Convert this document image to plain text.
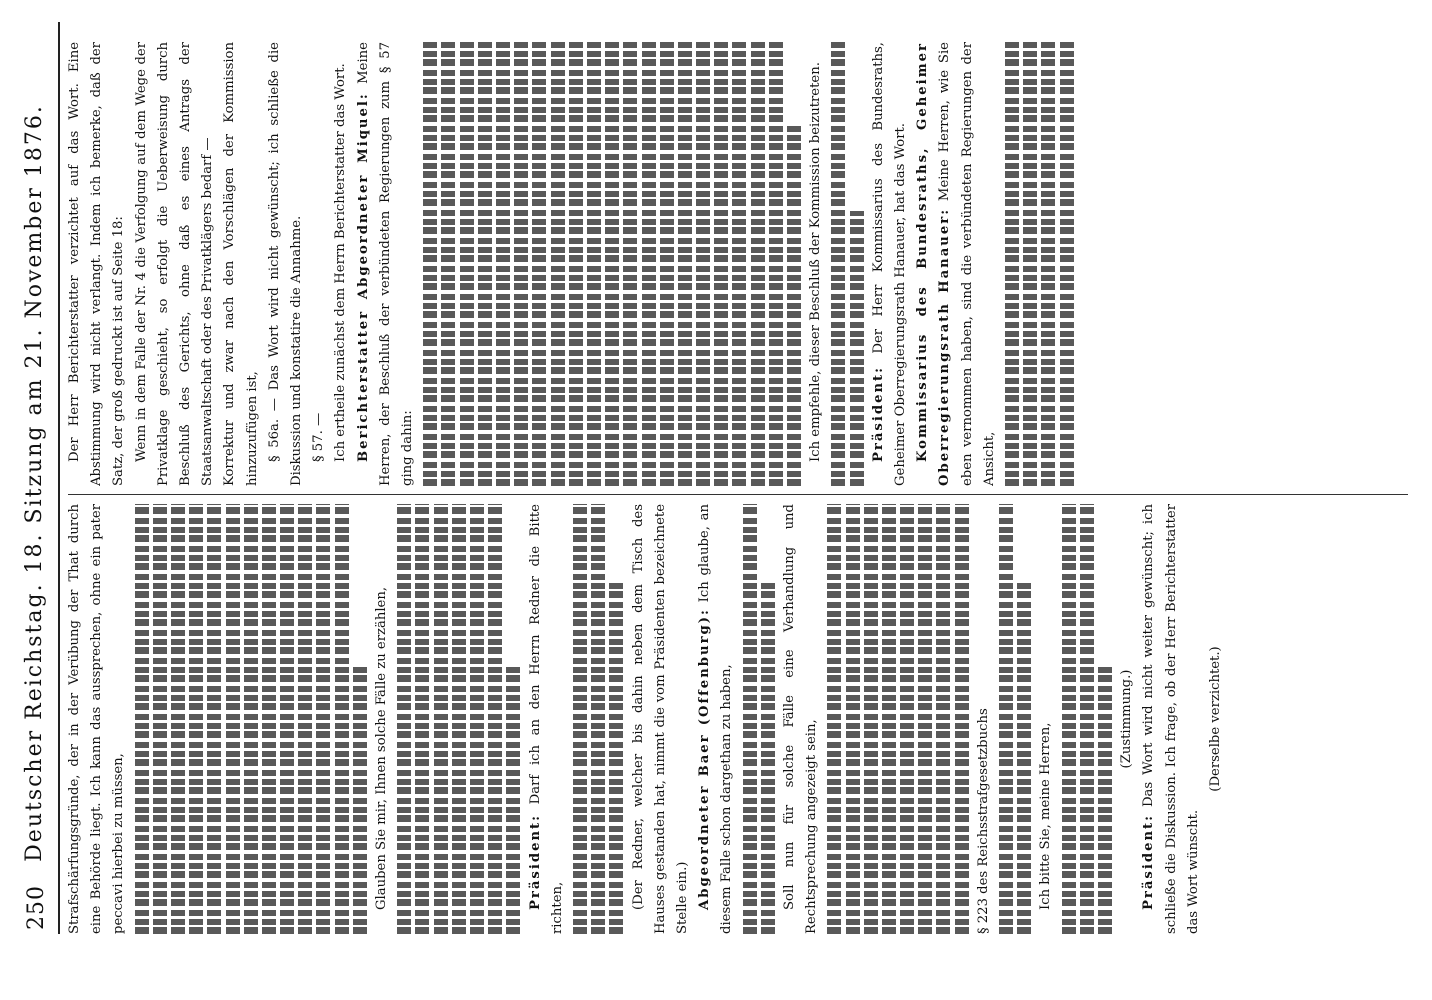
250
Deutscher Reichstag. 18. Sitzung am 21. November 1876. Strafschärfungsgründe, der in der Verübung der That durch eine Behörde liegt. Ich kann das aussprechen, ohne ein pater peccavi hierbei zu müssen,	Glauben Sie mir, Ihnen solche Fälle zu erzählen,	Präsident: Darf ich an den Herrn Redner die Bitte richten,	(Der Redner, welcher bis dahin neben dem Tisch des Hauses gestanden hat, nimmt die vom Präsidenten bezeichnete Stelle ein.) Abgeordneter Baer (Offenburg): Ich glaube, an diesem Falle schon dargethan zu haben,	Soll nun für solche Fälle eine Verhandlung und Rechtsprechung angezeigt sein,	§ 223 des Reichsstrafgesetzbuchs	Ich bitte Sie, meine Herren,

(Zustimmung.)

Präsident: Das Wort wird nicht weiter gewünscht; ich schließe die Diskussion. Ich frage, ob der Herr Berichterstatter das Wort wünscht.

(Derselbe verzichtet.)

Der Herr Berichterstatter verzichtet auf das Wort. Eine Abstimmung wird nicht verlangt. Indem ich bemerke, daß der Satz, der groß gedruckt ist auf Seite 18: Wenn in dem Falle der Nr. 4 die Verfolgung auf dem Wege der Privatklage geschieht, so erfolgt die Ueberweisung durch Beschluß des Gerichts, ohne daß es eines Antrags der Staatsanwaltschaft oder des Privatklägers bedarf — Korrektur und zwar nach den Vorschlägen der Kommission hinzuzufügen ist, § 56a. — Das Wort wird nicht gewünscht; ich schließe die Diskussion und konstatire die Annahme. § 57. — Ich ertheile zunächst dem Herrn Berichterstatter das Wort. Berichterstatter Abgeordneter Miquel: Meine Herren, der Beschluß der verbündeten Regierungen zum § 57 ging dahin:	Ich empfehle, dieser Beschluß der Kommission beizutreten.	Präsident: Der Herr Kommissarius des Bundesraths, Geheimer Oberregierungsrath Hanauer, hat das Wort. Kommissarius des Bundesraths, Geheimer Oberregierungsrath Hanauer: Meine Herren, wie Sie eben vernommen haben, sind die verbündeten Regierungen der Ansicht,
